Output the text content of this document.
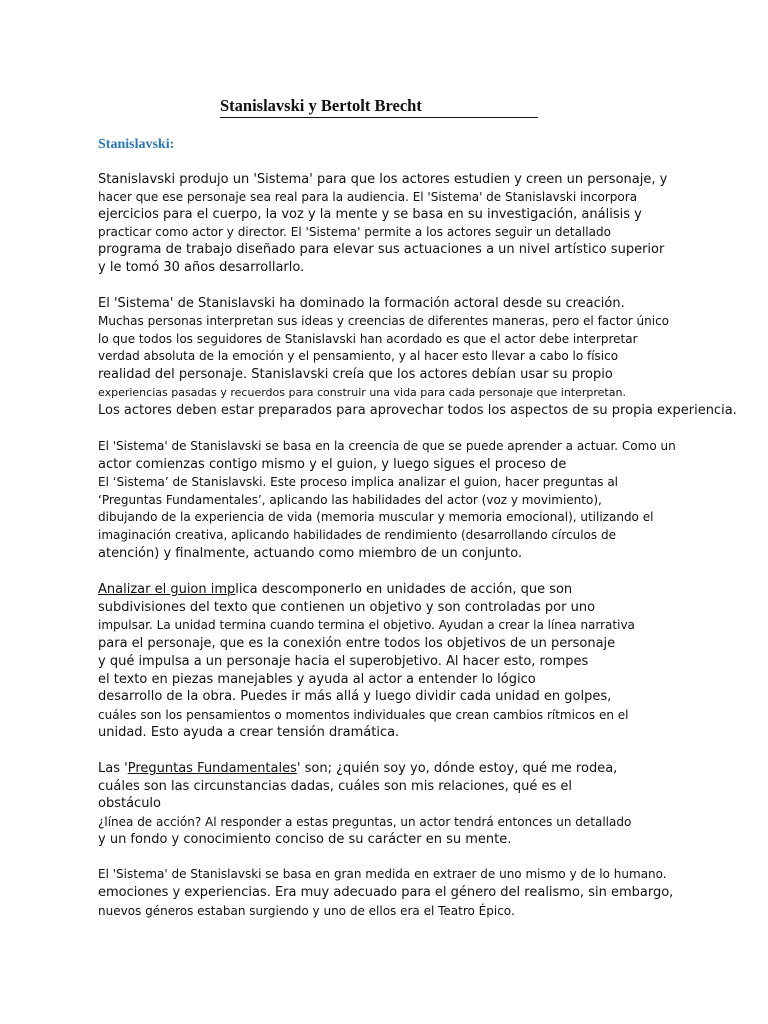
Stanislavski y Bertolt Brecht
Stanislavski:
Stanislavski produjo un 'Sistema' para que los actores estudien y creen un personaje, y
hacer que ese personaje sea real para la audiencia. El 'Sistema' de Stanislavski incorpora
ejercicios para el cuerpo, la voz y la mente y se basa en su investigación, análisis y
practicar como actor y director. El 'Sistema' permite a los actores seguir un detallado
programa de trabajo diseñado para elevar sus actuaciones a un nivel artístico superior
y le tomó 30 años desarrollarlo.
El 'Sistema' de Stanislavski ha dominado la formación actoral desde su creación.
Muchas personas interpretan sus ideas y creencias de diferentes maneras, pero el factor único
lo que todos los seguidores de Stanislavski han acordado es que el actor debe interpretar
verdad absoluta de la emoción y el pensamiento, y al hacer esto llevar a cabo lo físico
realidad del personaje. Stanislavski creía que los actores debían usar su propio
experiencias pasadas y recuerdos para construir una vida para cada personaje que interpretan.
Los actores deben estar preparados para aprovechar todos los aspectos de su propia experiencia.
El 'Sistema' de Stanislavski se basa en la creencia de que se puede aprender a actuar. Como un
actor comienzas contigo mismo y el guion, y luego sigues el proceso de
El ‘Sistema’ de Stanislavski. Este proceso implica analizar el guion, hacer preguntas al
‘Preguntas Fundamentales’, aplicando las habilidades del actor (voz y movimiento),
dibujando de la experiencia de vida (memoria muscular y memoria emocional), utilizando el
imaginación creativa, aplicando habilidades de rendimiento (desarrollando círculos de
atención) y finalmente, actuando como miembro de un conjunto.
Analizar el guion implica descomponerlo en unidades de acción, que son
subdivisiones del texto que contienen un objetivo y son controladas por uno
impulsar. La unidad termina cuando termina el objetivo. Ayudan a crear la línea narrativa
para el personaje, que es la conexión entre todos los objetivos de un personaje
y qué impulsa a un personaje hacia el superobjetivo. Al hacer esto, rompes
el texto en piezas manejables y ayuda al actor a entender lo lógico
desarrollo de la obra. Puedes ir más allá y luego dividir cada unidad en golpes,
cuáles son los pensamientos o momentos individuales que crean cambios rítmicos en el
unidad. Esto ayuda a crear tensión dramática.
Las 'Preguntas Fundamentales' son; ¿quién soy yo, dónde estoy, qué me rodea,
cuáles son las circunstancias dadas, cuáles son mis relaciones, qué es el
obstáculo
¿línea de acción? Al responder a estas preguntas, un actor tendrá entonces un detallado
y un fondo y conocimiento conciso de su carácter en su mente.
El 'Sistema' de Stanislavski se basa en gran medida en extraer de uno mismo y de lo humano.
emociones y experiencias. Era muy adecuado para el género del realismo, sin embargo,
nuevos géneros estaban surgiendo y uno de ellos era el Teatro Épico.
